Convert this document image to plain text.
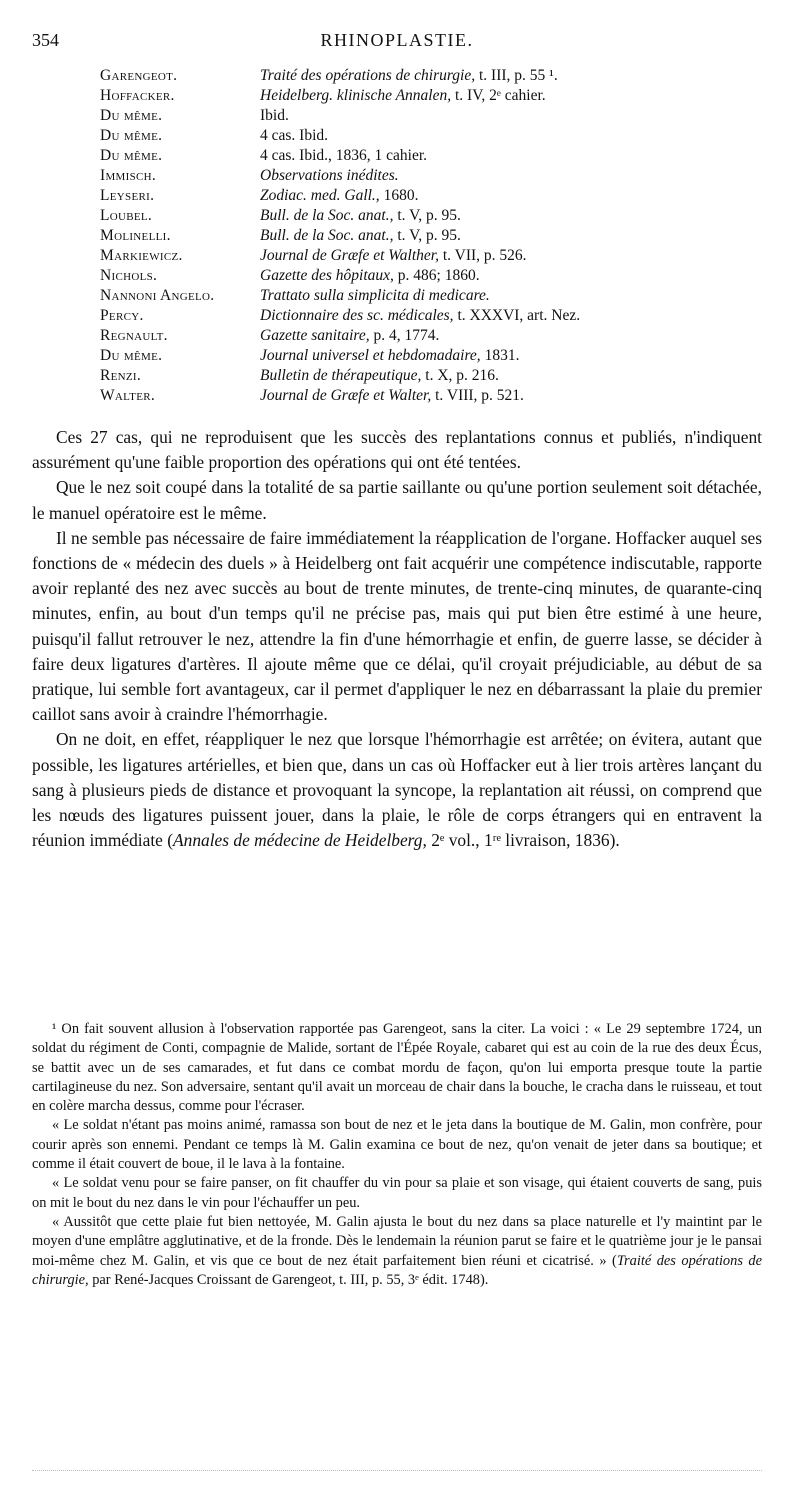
354	RHINOPLASTIE.
Garengeot.	Traité des opérations de chirurgie, t. III, p. 55 ¹.
Hoffacker.	Heidelberg. klinische Annalen, t. IV, 2ᵉ cahier.
Du même.	Ibid.
Du même.	4 cas. Ibid.
Du même.	4 cas. Ibid., 1836, 1 cahier.
Immisch.	Observations inédites.
Leyseri.	Zodiac. med. Gall., 1680.
Loubel.	Bull. de la Soc. anat., t. V, p. 95.
Molinelli.	Bull. de la Soc. anat., t. V, p. 95.
Markiewicz.	Journal de Græfe et Walther, t. VII, p. 526.
Nichols.	Gazette des hôpitaux, p. 486; 1860.
Nannoni Angelo.	Trattato sulla simplicita di medicare.
Percy.	Dictionnaire des sc. médicales, t. XXXVI, art. Nez.
Regnault.	Gazette sanitaire, p. 4, 1774.
Du même.	Journal universel et hebdomadaire, 1831.
Renzi.	Bulletin de thérapeutique, t. X, p. 216.
Walter.	Journal de Græfe et Walter, t. VIII, p. 521.

Ces 27 cas, qui ne reproduisent que les succès des replantations connus et publiés, n'indiquent assurément qu'une faible proportion des opérations qui ont été tentées.

Que le nez soit coupé dans la totalité de sa partie saillante ou qu'une portion seulement soit détachée, le manuel opératoire est le même.

Il ne semble pas nécessaire de faire immédiatement la réapplication de l'organe. Hoffacker auquel ses fonctions de « médecin des duels » à Heidelberg ont fait acquérir une compétence indiscutable, rapporte avoir replanté des nez avec succès au bout de trente minutes, de trente-cinq minutes, de quarante-cinq minutes, enfin, au bout d'un temps qu'il ne précise pas, mais qui put bien être estimé à une heure, puisqu'il fallut retrouver le nez, attendre la fin d'une hémorrhagie et enfin, de guerre lasse, se décider à faire deux ligatures d'artères. Il ajoute même que ce délai, qu'il croyait préjudiciable, au début de sa pratique, lui semble fort avantageux, car il permet d'appliquer le nez en débarrassant la plaie du premier caillot sans avoir à craindre l'hémorrhagie.

On ne doit, en effet, réappliquer le nez que lorsque l'hémorrhagie est arrêtée; on évitera, autant que possible, les ligatures artérielles, et bien que, dans un cas où Hoffacker eut à lier trois artères lançant du sang à plusieurs pieds de distance et provoquant la syncope, la replantation ait réussi, on comprend que les nœuds des ligatures puissent jouer, dans la plaie, le rôle de corps étrangers qui en entravent la réunion immédiate (Annales de médecine de Heidelberg, 2ᵉ vol., 1ʳᵉ livraison, 1836).

¹ On fait souvent allusion à l'observation rapportée pas Garengeot, sans la citer. La voici : « Le 29 septembre 1724, un soldat du régiment de Conti, compagnie de Malide, sortant de l'Épée Royale, cabaret qui est au coin de la rue des deux Écus, se battit avec un de ses camarades, et fut dans ce combat mordu de façon, qu'on lui emporta presque toute la partie cartilagineuse du nez. Son adversaire, sentant qu'il avait un morceau de chair dans la bouche, le cracha dans le ruisseau, et tout en colère marcha dessus, comme pour l'écraser.

« Le soldat n'étant pas moins animé, ramassa son bout de nez et le jeta dans la boutique de M. Galin, mon confrère, pour courir après son ennemi. Pendant ce temps là M. Galin examina ce bout de nez, qu'on venait de jeter dans sa boutique; et comme il était couvert de boue, il le lava à la fontaine.

« Le soldat venu pour se faire panser, on fit chauffer du vin pour sa plaie et son visage, qui étaient couverts de sang, puis on mit le bout du nez dans le vin pour l'échauffer un peu.

« Aussitôt que cette plaie fut bien nettoyée, M. Galin ajusta le bout du nez dans sa place naturelle et l'y maintint par le moyen d'une emplâtre agglutinative, et de la fronde. Dès le lendemain la réunion parut se faire et le quatrième jour je le pansai moi-même chez M. Galin, et vis que ce bout de nez était parfaitement bien réuni et cicatrisé. » (Traité des opérations de chirurgie, par René-Jacques Croissant de Garengeot, t. III, p. 55, 3ᵉ édit. 1748).
